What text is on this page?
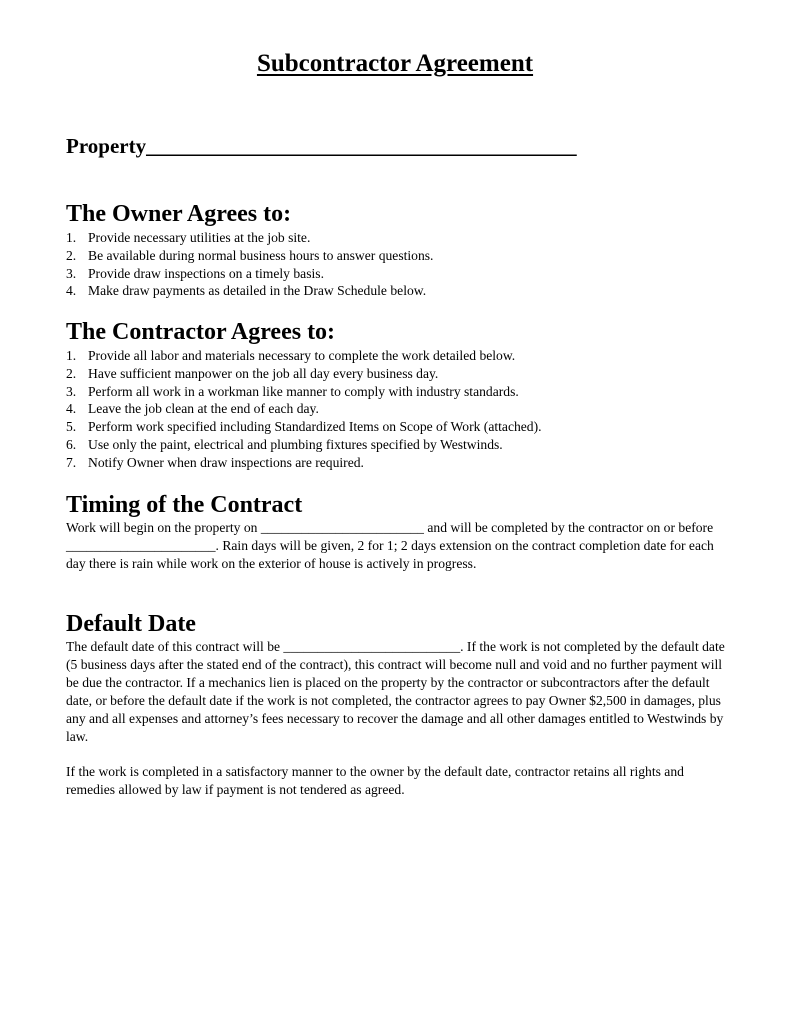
Subcontractor Agreement
Property_________________________________________
The Owner Agrees to:
1. Provide necessary utilities at the job site.
2. Be available during normal business hours to answer questions.
3. Provide draw inspections on a timely basis.
4. Make draw payments as detailed in the Draw Schedule below.
The Contractor Agrees to:
1. Provide all labor and materials necessary to complete the work detailed below.
2. Have sufficient manpower on the job all day every business day.
3. Perform all work in a workman like manner to comply with industry standards.
4. Leave the job clean at the end of each day.
5. Perform work specified including Standardized Items on Scope of Work (attached).
6. Use only the paint, electrical and plumbing fixtures specified by Westwinds.
7. Notify Owner when draw inspections are required.
Timing of the Contract

Work will begin on the property on ________________________ and will be completed by the contractor on or before ______________________. Rain days will be given, 2 for 1; 2 days extension on the contract completion date for each day there is rain while work on the exterior of house is actively in progress.

Default Date

The default date of this contract will be __________________________. If the work is not completed by the default date (5 business days after the stated end of the contract), this contract will become null and void and no further payment will be due the contractor. If a mechanics lien is placed on the property by the contractor or subcontractors after the default date, or before the default date if the work is not completed, the contractor agrees to pay Owner $2,500 in damages, plus any and all expenses and attorney’s fees necessary to recover the damage and all other damages entitled to Westwinds by law.

If the work is completed in a satisfactory manner to the owner by the default date, contractor retains all rights and remedies allowed by law if payment is not tendered as agreed.
